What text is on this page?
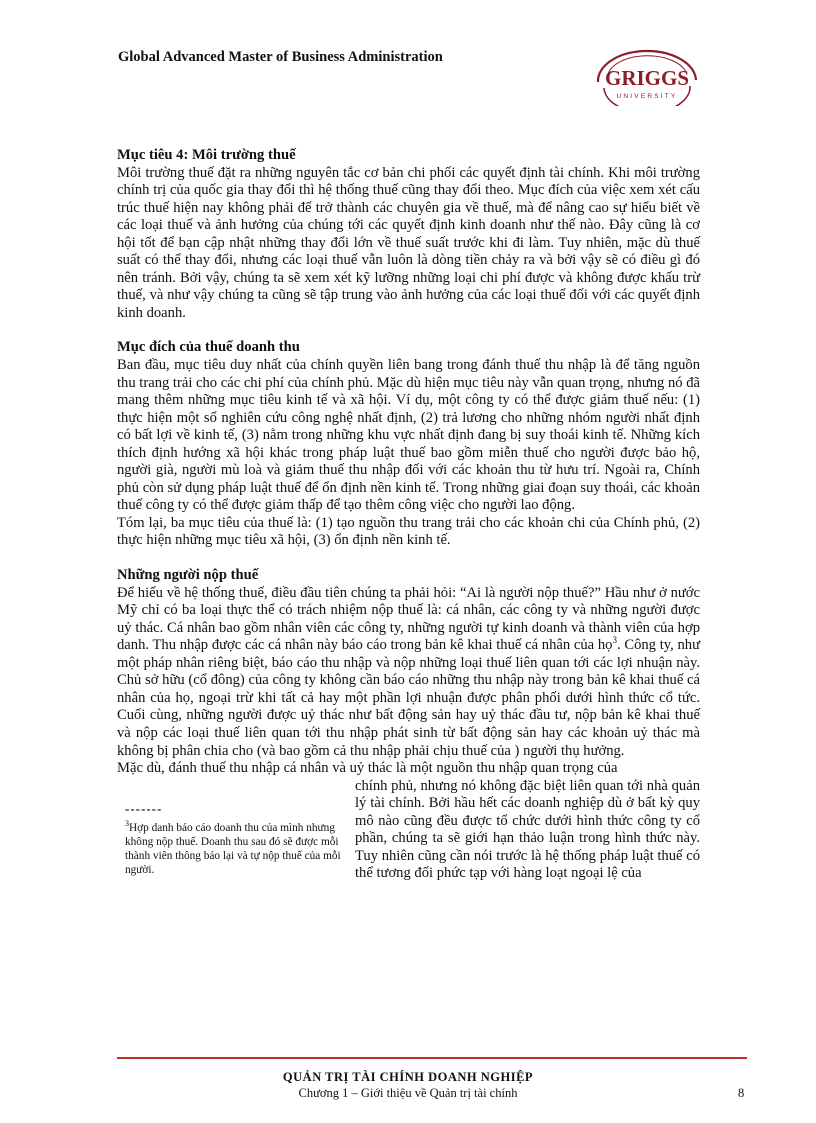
Global Advanced Master of Business Administration
GRIGGS
UNIVERSITY
Mục tiêu 4: Môi trường thuế

Môi trường thuế đặt ra những nguyên tắc cơ bản chi phối các quyết định tài chính. Khi môi trường chính trị của quốc gia thay đổi thì hệ thống thuế cũng thay đổi theo. Mục đích của việc xem xét cấu trúc thuế hiện nay không phải để trở thành các chuyên gia về thuế, mà để nâng cao sự hiểu biết về các loại thuế và ảnh hưởng của chúng tới các quyết định kinh doanh như thế nào. Đây cũng là cơ hội tốt để bạn cập nhật những thay đổi lớn về thuế suất trước khi đi làm. Tuy nhiên, mặc dù thuế suất có thể thay đổi, nhưng các loại thuế vẫn luôn là dòng tiền chảy ra và bởi vậy sẽ có điều gì đó nên tránh. Bởi vậy, chúng ta sẽ xem xét kỹ lưỡng những loại chi phí được và không được khấu trừ thuế, và như vậy chúng ta cũng sẽ tập trung vào ảnh hưởng của các loại thuế đối với các quyết định kinh doanh.

Mục đích của thuế doanh thu

Ban đầu, mục tiêu duy nhất của chính quyền liên bang trong đánh thuế thu nhập là để tăng nguồn thu trang trải cho các chi phí của chính phủ. Mặc dù hiện mục tiêu này vẫn quan trọng, nhưng nó đã mang thêm những mục tiêu kinh tế và xã hội. Ví dụ, một công ty có thể được giảm thuế nếu: (1) thực hiện một số nghiên cứu công nghệ nhất định, (2) trả lương cho những nhóm người nhất định có bất lợi về kinh tế, (3) nằm trong những khu vực nhất định đang bị suy thoái kinh tế. Những kích thích định hướng xã hội khác trong pháp luật thuế bao gồm miễn thuế cho người được bảo hộ, người già, người mù loà và giảm thuế thu nhập đối với các khoản thu từ hưu trí. Ngoài ra, Chính phủ còn sử dụng pháp luật thuế để ổn định nền kinh tế. Trong những giai đoạn suy thoái, các khoản thuế công ty có thể được giảm thấp để tạo thêm công việc cho người lao động.

Tóm lại, ba mục tiêu của thuế là: (1) tạo nguồn thu trang trải cho các khoản chi của Chính phủ, (2) thực hiện những mục tiêu xã hội, (3) ổn định nền kinh tế.

Những người nộp thuế

Để hiểu về hệ thống thuế, điều đầu tiên chúng ta phải hỏi: “Ai là người nộp thuế?” Hầu như ở nước Mỹ chỉ có ba loại thực thể có trách nhiệm nộp thuế là: cá nhân, các công ty và những người được uỷ thác. Cá nhân bao gồm nhân viên các công ty, những người tự kinh doanh và thành viên của hợp danh. Thu nhập được các cá nhân này báo cáo trong bản kê khai thuế cá nhân của họ$^3$. Công ty, như một pháp nhân riêng biệt, báo cáo thu nhập và nộp những loại thuế liên quan tới các lợi nhuận này. Chủ sở hữu (cổ đông) của công ty không cần báo cáo những thu nhập này trong bản kê khai thuế cá nhân của họ, ngoại trừ khi tất cả hay một phần lợi nhuận được phân phối dưới hình thức cổ tức. Cuối cùng, những người được uỷ thác như bất động sản hay uỷ thác đầu tư, nộp bản kê khai thuế và nộp các loại thuế liên quan tới thu nhập phát sinh từ bất động sản hay các khoản uỷ thác mà không bị phân chia cho (và bao gồm cả thu nhập phải chịu thuế của ) người thụ hưởng.

Mặc dù, đánh thuế thu nhập cá nhân và uỷ thác là một nguồn thu nhập quan trọng của

-------
$^3$Hợp danh báo cáo doanh thu của mình nhưng không nộp thuế. Doanh thu sau đó sẽ được mỗi thành viên thông báo lại và tự nộp thuế của mỗi người.

chính phủ, nhưng nó không đặc biệt liên quan tới nhà quản lý tài chính. Bởi hầu hết các doanh nghiệp dù ở bất kỳ quy mô nào cũng đều được tổ chức dưới hình thức công ty cổ phần, chúng ta sẽ giới hạn thảo luận trong hình thức này. Tuy nhiên cũng cần nói trước là hệ thống pháp luật thuế có thể tương đối phức tạp với hàng loạt ngoại lệ của

QUẢN TRỊ TÀI CHÍNH DOANH NGHIỆP
Chương 1 – Giới thiệu về Quản trị tài chính	8
